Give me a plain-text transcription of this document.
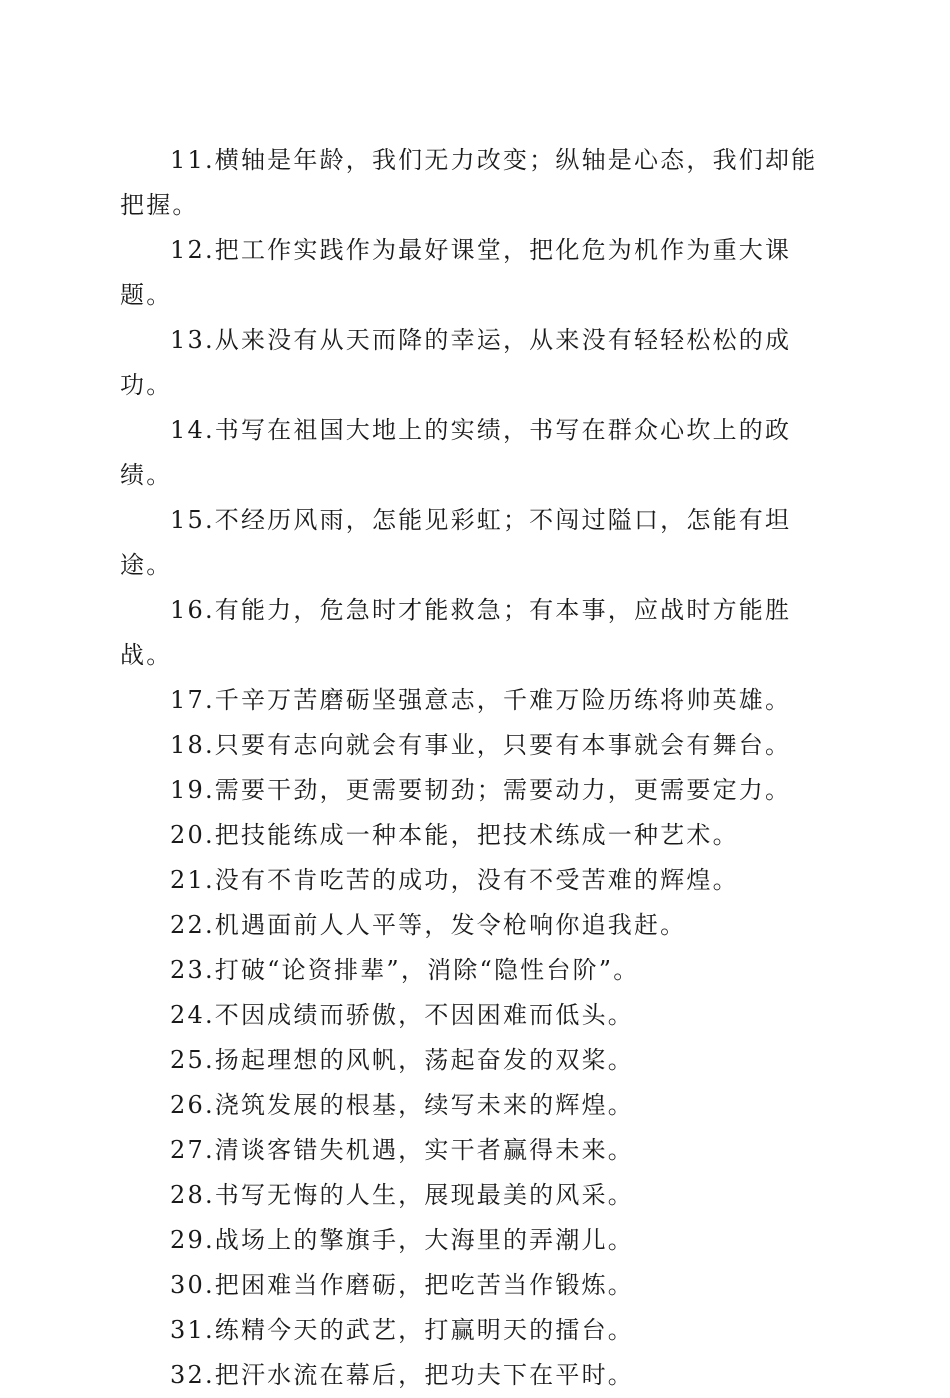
11.横轴是年龄，我们无力改变；纵轴是心态，我们却能把握。

12.把工作实践作为最好课堂，把化危为机作为重大课题。

13.从来没有从天而降的幸运，从来没有轻轻松松的成功。

14.书写在祖国大地上的实绩，书写在群众心坎上的政绩。

15.不经历风雨，怎能见彩虹；不闯过隘口，怎能有坦途。

16.有能力，危急时才能救急；有本事，应战时方能胜战。

17.千辛万苦磨砺坚强意志，千难万险历练将帅英雄。

18.只要有志向就会有事业，只要有本事就会有舞台。

19.需要干劲，更需要韧劲；需要动力，更需要定力。

20.把技能练成一种本能，把技术练成一种艺术。

21.没有不肯吃苦的成功，没有不受苦难的辉煌。

22.机遇面前人人平等，发令枪响你追我赶。

23.打破“论资排辈”，消除“隐性台阶”。

24.不因成绩而骄傲，不因困难而低头。

25.扬起理想的风帆，荡起奋发的双桨。

26.浇筑发展的根基，续写未来的辉煌。

27.清谈客错失机遇，实干者赢得未来。

28.书写无悔的人生，展现最美的风采。

29.战场上的擎旗手，大海里的弄潮儿。

30.把困难当作磨砺，把吃苦当作锻炼。

31.练精今天的武艺，打赢明天的擂台。

32.把汗水流在幕后，把功夫下在平时。
